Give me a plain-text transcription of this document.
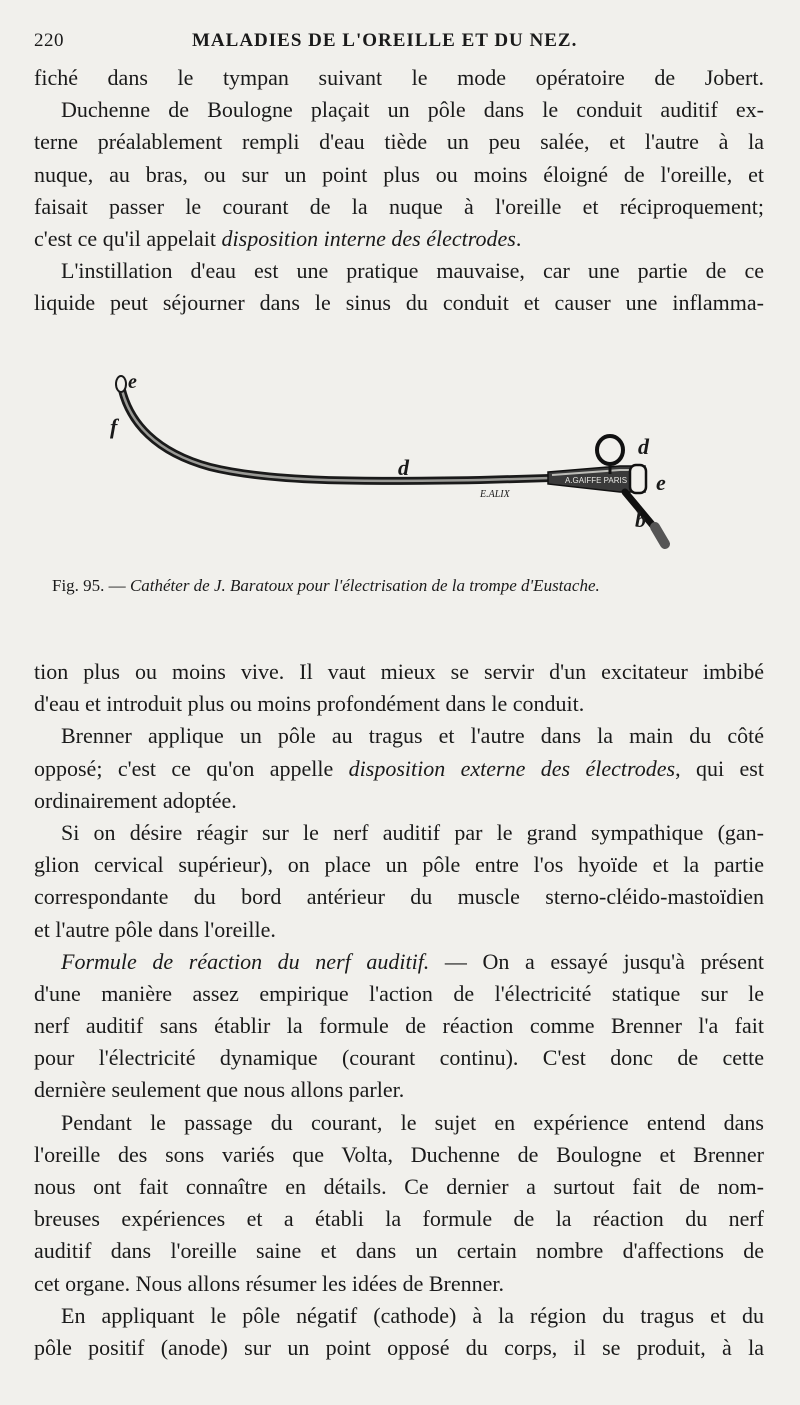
220	MALADIES DE L'OREILLE ET DU NEZ.
fiché dans le tympan suivant le mode opératoire de Jobert.
Duchenne de Boulogne plaçait un pôle dans le conduit auditif ex-
terne préalablement rempli d'eau tiède un peu salée, et l'autre à la
nuque, au bras, ou sur un point plus ou moins éloigné de l'oreille, et
faisait passer le courant de la nuque à l'oreille et réciproquement;
c'est ce qu'il appelait disposition interne des électrodes.
L'instillation d'eau est une pratique mauvaise, car une partie de ce
liquide peut séjourner dans le sinus du conduit et causer une inflamma-
E.ALIX
A.GAIFFE PARIS
e
f
d
d
e
b
Fig. 95. — Cathéter de J. Baratoux pour l'électrisation de la trompe d'Eustache.
tion plus ou moins vive. Il vaut mieux se servir d'un excitateur imbibé
d'eau et introduit plus ou moins profondément dans le conduit.
Brenner applique un pôle au tragus et l'autre dans la main du côté
opposé; c'est ce qu'on appelle disposition externe des électrodes, qui est
ordinairement adoptée.
Si on désire réagir sur le nerf auditif par le grand sympathique (gan-
glion cervical supérieur), on place un pôle entre l'os hyoïde et la partie
correspondante du bord antérieur du muscle sterno-cléido-mastoïdien
et l'autre pôle dans l'oreille.
Formule de réaction du nerf auditif. — On a essayé jusqu'à présent
d'une manière assez empirique l'action de l'électricité statique sur le
nerf auditif sans établir la formule de réaction comme Brenner l'a fait
pour l'électricité dynamique (courant continu). C'est donc de cette
dernière seulement que nous allons parler.
Pendant le passage du courant, le sujet en expérience entend dans
l'oreille des sons variés que Volta, Duchenne de Boulogne et Brenner
nous ont fait connaître en détails. Ce dernier a surtout fait de nom-
breuses expériences et a établi la formule de la réaction du nerf
auditif dans l'oreille saine et dans un certain nombre d'affections de
cet organe. Nous allons résumer les idées de Brenner.
En appliquant le pôle négatif (cathode) à la région du tragus et du
pôle positif (anode) sur un point opposé du corps, il se produit, à la
